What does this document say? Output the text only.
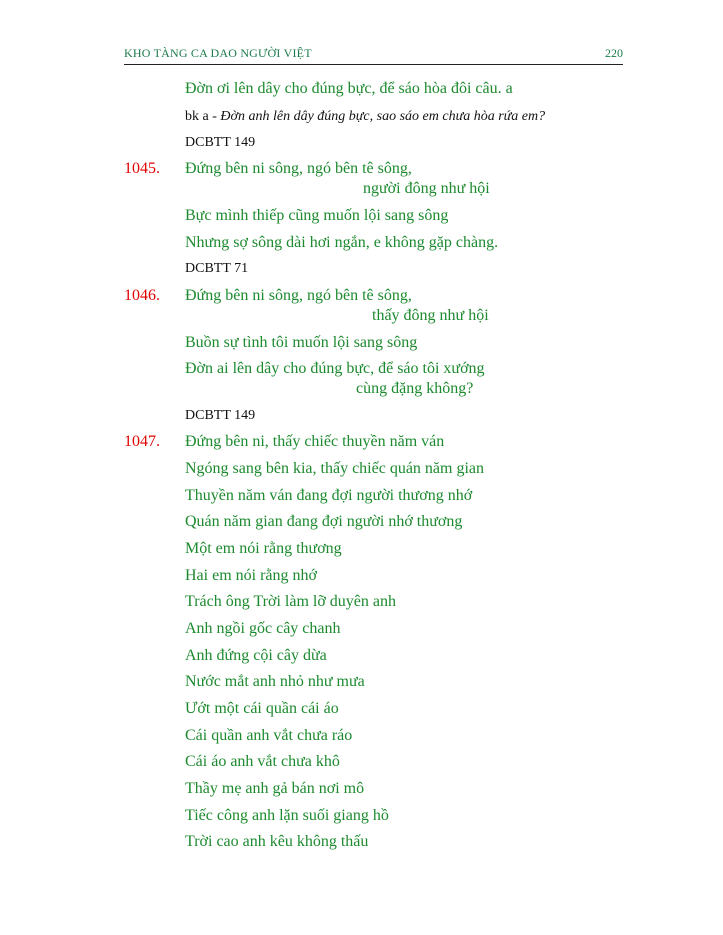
KHO TÀNG CA DAO NGƯỜI VIỆT	220
Đờn ơi lên dây cho đúng bực, để sáo hòa đôi câu. a
bk a - Đờn anh lên dây đúng bực, sao sáo em chưa hòa rứa em?
DCBTT 149
1045. Đứng bên ni sông, ngó bên tê sông,
người đông như hội
Bực mình thiếp cũng muốn lội sang sông
Nhưng sợ sông dài hơi ngắn, e không gặp chàng.
DCBTT 71
1046. Đứng bên ni sông, ngó bên tê sông,
thấy đông như hội
Buồn sự tình tôi muốn lội sang sông
Đờn ai lên dây cho đúng bực, để sáo tôi xướng
cùng đặng không?
DCBTT 149
1047. Đứng bên ni, thấy chiếc thuyền năm ván
Ngóng sang bên kia, thấy chiếc quán năm gian
Thuyền năm ván đang đợi người thương nhớ
Quán năm gian đang đợi người nhớ thương
Một em nói rằng thương
Hai em nói rằng nhớ
Trách ông Trời làm lỡ duyên anh
Anh ngồi gốc cây chanh
Anh đứng cội cây dừa
Nước mắt anh nhỏ như mưa
Ướt một cái quần cái áo
Cái quần anh vắt chưa ráo
Cái áo anh vắt chưa khô
Thầy mẹ anh gả bán nơi mô
Tiếc công anh lặn suối giang hồ
Trời cao anh kêu không thấu
